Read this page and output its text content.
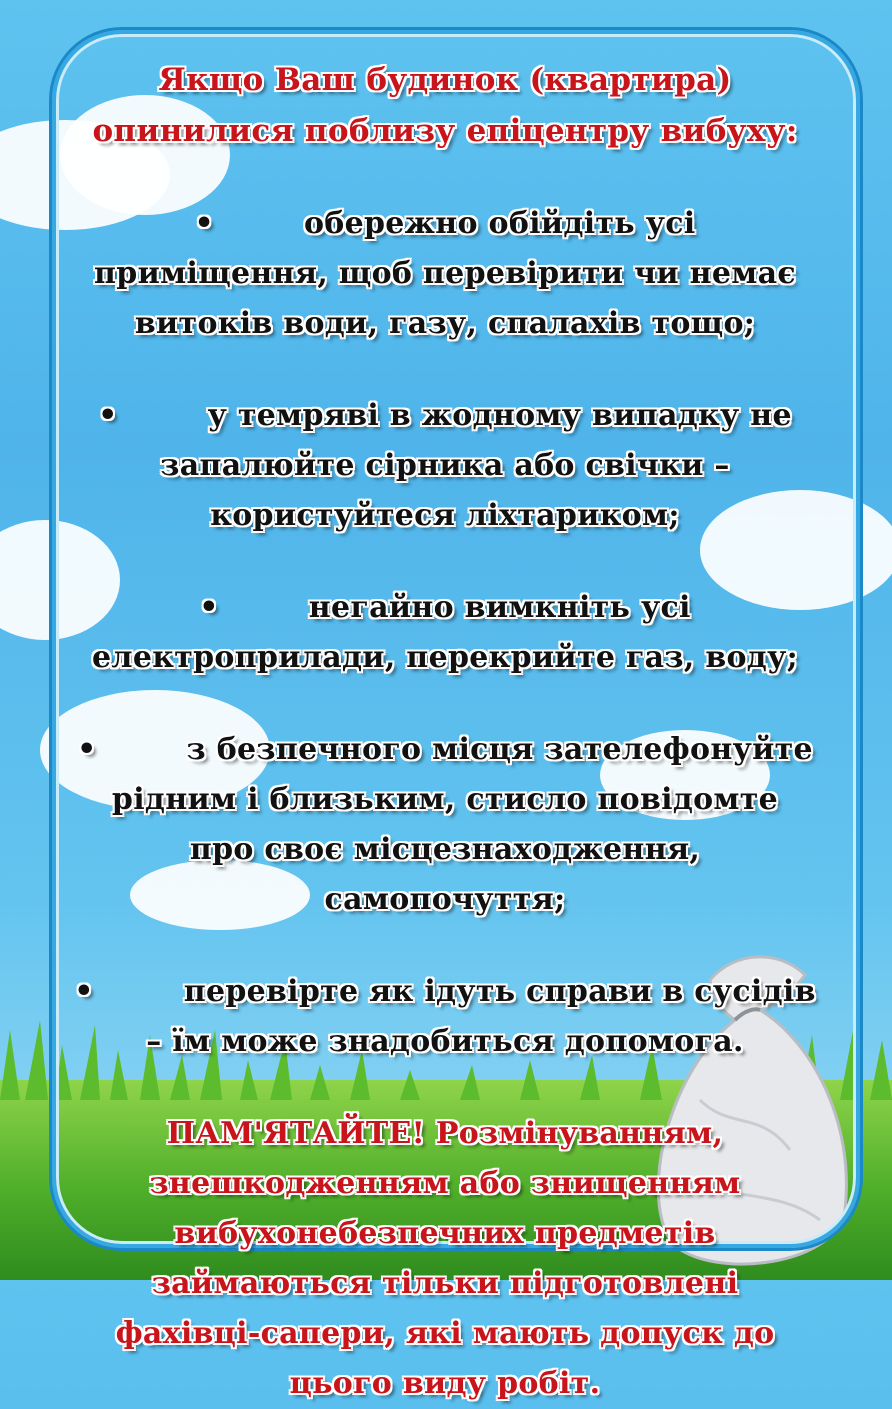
Якщо Ваш будинок (квартира)

опинилися поблизу епіцентру вибуху:

•	обережно обійдіть усі

приміщення, щоб перевірити чи немає

витоків води, газу, спалахів тощо;

•	у темряві в жодному випадку не

запалюйте сірника або свічки –

користуйтеся ліхтариком;

•	негайно вимкніть усі

електроприлади, перекрийте газ, воду;

•	з безпечного місця зателефонуйте

рідним і близьким, стисло повідомте

про своє місцезнаходження,

самопочуття;

•	перевірте як ідуть справи в сусідів

– їм може знадобиться допомога.

ПАМ'ЯТАЙТЕ! Розмінуванням,

знешкодженням або знищенням

вибухонебезпечних предметів

займаються тільки підготовлені

фахівці-сапери, які мають допуск до

цього виду робіт.
